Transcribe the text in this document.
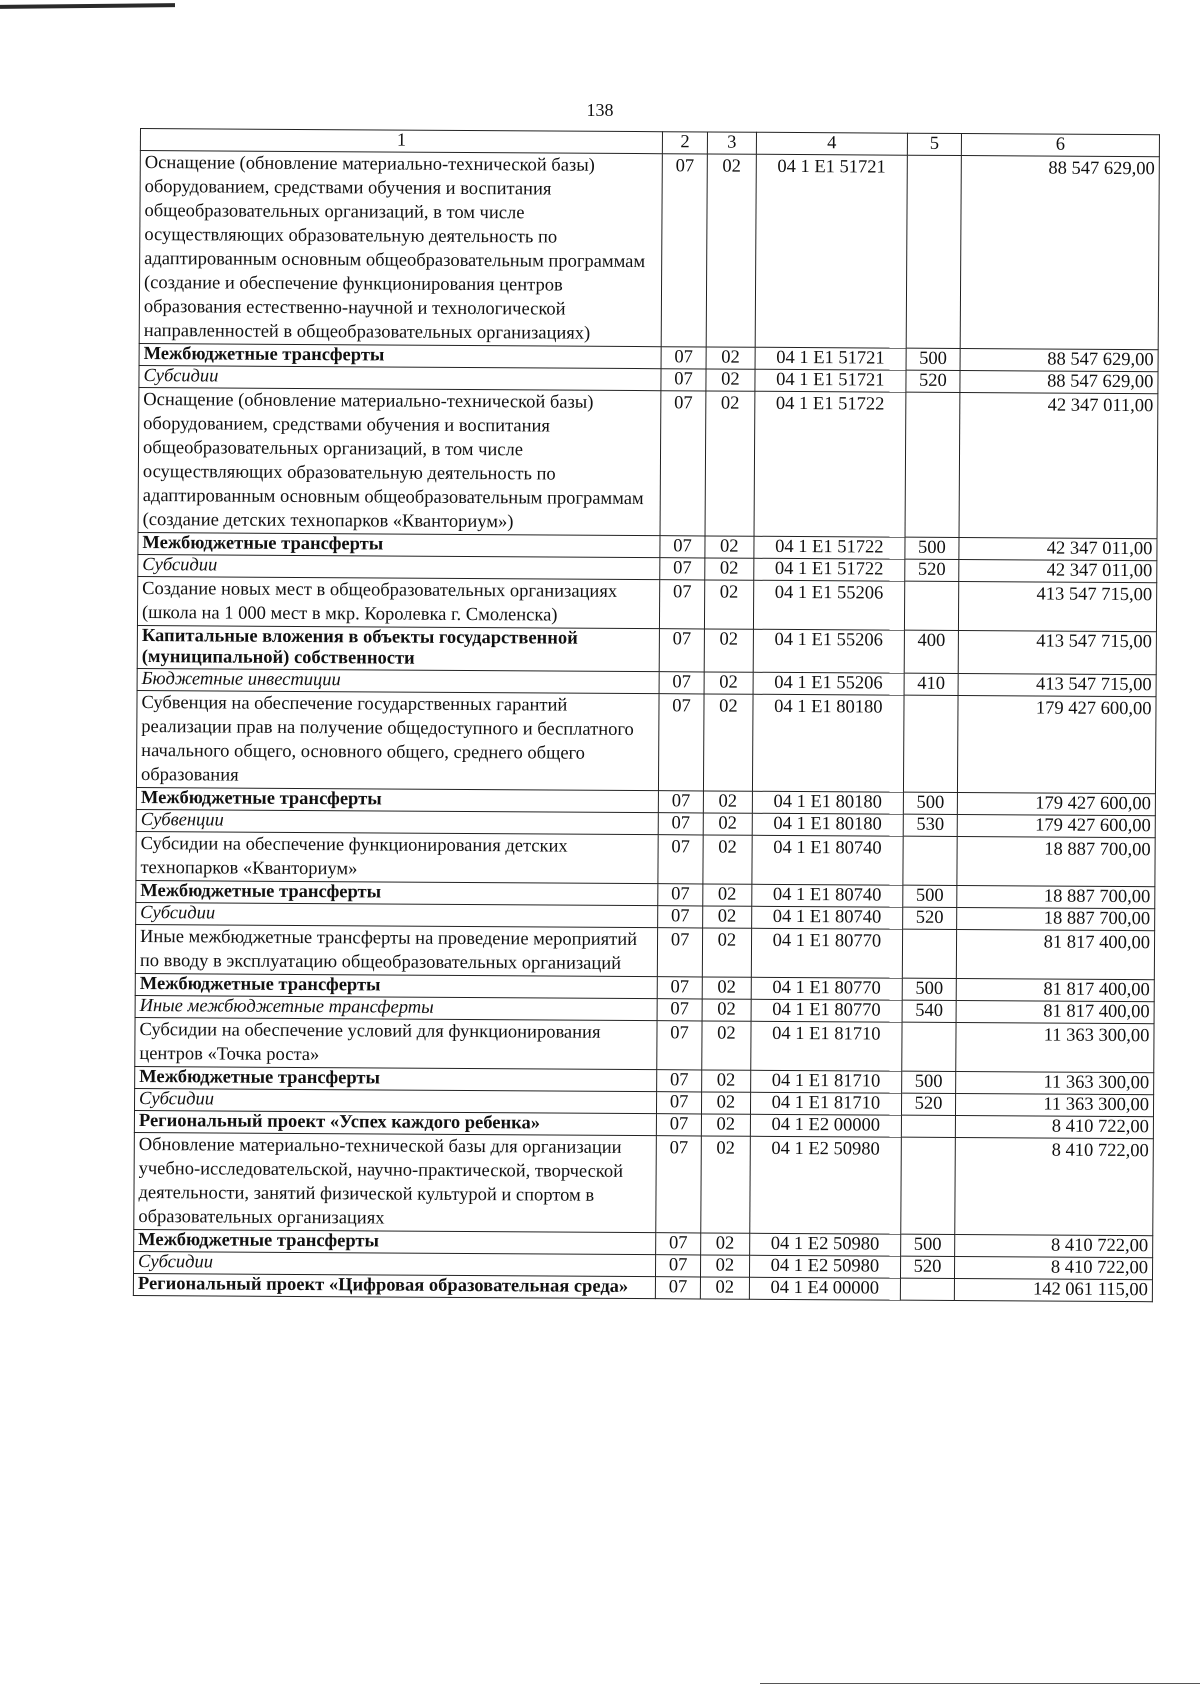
138
1	2	3	4	5	6
Оснащение (обновление материально-технической базы) оборудованием, средствами обучения и воспитания общеобразовательных организаций, в том числе осуществляющих образовательную деятельность по адаптированным основным общеобразовательным программам (создание и обеспечение функционирования центров образования естественно-научной и технологической направленностей в общеобразовательных организациях)	07	02	04 1 E1 51721		88 547 629,00
Межбюджетные трансферты	07	02	04 1 E1 51721	500	88 547 629,00
Субсидии	07	02	04 1 E1 51721	520	88 547 629,00
Оснащение (обновление материально-технической базы) оборудованием, средствами обучения и воспитания общеобразовательных организаций, в том числе осуществляющих образовательную деятельность по адаптированным основным общеобразовательным программам (создание детских технопарков «Кванториум»)	07	02	04 1 E1 51722		42 347 011,00
Межбюджетные трансферты	07	02	04 1 E1 51722	500	42 347 011,00
Субсидии	07	02	04 1 E1 51722	520	42 347 011,00
Создание новых мест в общеобразовательных организациях (школа на 1 000 мест в мкр. Королевка г. Смоленска)	07	02	04 1 E1 55206		413 547 715,00
Капитальные вложения в объекты государственной (муниципальной) собственности	07	02	04 1 E1 55206	400	413 547 715,00
Бюджетные инвестиции	07	02	04 1 E1 55206	410	413 547 715,00
Субвенция на обеспечение государственных гарантий реализации прав на получение общедоступного и бесплатного начального общего, основного общего, среднего общего образования	07	02	04 1 E1 80180		179 427 600,00
Межбюджетные трансферты	07	02	04 1 E1 80180	500	179 427 600,00
Субвенции	07	02	04 1 E1 80180	530	179 427 600,00
Субсидии на обеспечение функционирования детских технопарков «Кванториум»	07	02	04 1 E1 80740		18 887 700,00
Межбюджетные трансферты	07	02	04 1 E1 80740	500	18 887 700,00
Субсидии	07	02	04 1 E1 80740	520	18 887 700,00
Иные межбюджетные трансферты на проведение мероприятий по вводу в эксплуатацию общеобразовательных организаций	07	02	04 1 E1 80770		81 817 400,00
Межбюджетные трансферты	07	02	04 1 E1 80770	500	81 817 400,00
Иные межбюджетные трансферты	07	02	04 1 E1 80770	540	81 817 400,00
Субсидии на обеспечение условий для функционирования центров «Точка роста»	07	02	04 1 E1 81710		11 363 300,00
Межбюджетные трансферты	07	02	04 1 E1 81710	500	11 363 300,00
Субсидии	07	02	04 1 E1 81710	520	11 363 300,00
Региональный проект «Успех каждого ребенка»	07	02	04 1 E2 00000		8 410 722,00
Обновление материально-технической базы для организации учебно-исследовательской, научно-практической, творческой деятельности, занятий физической культурой и спортом в образовательных организациях	07	02	04 1 E2 50980		8 410 722,00
Межбюджетные трансферты	07	02	04 1 E2 50980	500	8 410 722,00
Субсидии	07	02	04 1 E2 50980	520	8 410 722,00
Региональный проект «Цифровая образовательная среда»	07	02	04 1 E4 00000		142 061 115,00
